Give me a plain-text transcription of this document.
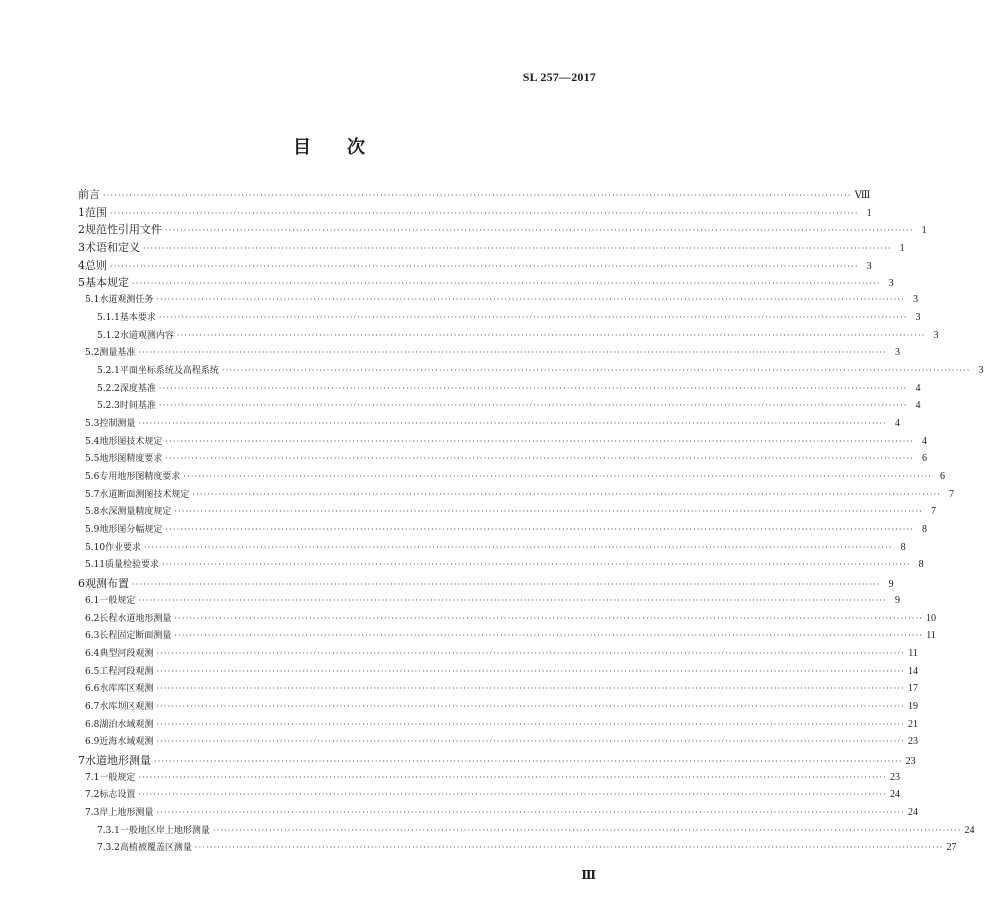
SL 257—2017
目 次
前言 ········································································································································································································ Ⅷ
1 范围 ········································································································································································································ 1
2 规范性引用文件 ········································································································································································································ 1
3 术语和定义 ········································································································································································································ 1
4 总则 ········································································································································································································ 3
5 基本规定 ········································································································································································································ 3
5.1 水道观测任务 ········································································································································································································ 3
5.1.1 基本要求 ········································································································································································································ 3
5.1.2 水道观测内容 ········································································································································································································ 3
5.2 测量基准 ········································································································································································································ 3
5.2.1 平面坐标系统及高程系统 ········································································································································································································ 3
5.2.2 深度基准 ········································································································································································································ 4
5.2.3 时间基准 ········································································································································································································ 4
5.3 控制测量 ········································································································································································································ 4
5.4 地形图技术规定 ········································································································································································································ 4
5.5 地形图精度要求 ········································································································································································································ 6
5.6 专用地形图精度要求 ········································································································································································································ 6
5.7 水道断面测图技术规定 ········································································································································································································ 7
5.8 水深测量精度规定 ········································································································································································································ 7
5.9 地形图分幅规定 ········································································································································································································ 8
5.10 作业要求 ········································································································································································································ 8
5.11 质量检验要求 ········································································································································································································ 8
6 观测布置 ········································································································································································································ 9
6.1 一般规定 ········································································································································································································ 9
6.2 长程水道地形测量 ········································································································································································································ 10
6.3 长程固定断面测量 ········································································································································································································ 11
6.4 典型河段观测 ········································································································································································································ 11
6.5 工程河段观测 ········································································································································································································ 14
6.6 水库库区观测 ········································································································································································································ 17
6.7 水库坝区观测 ········································································································································································································ 19
6.8 湖泊水域观测 ········································································································································································································ 21
6.9 近海水域观测 ········································································································································································································ 23
7 水道地形测量 ········································································································································································································ 23
7.1 一般规定 ········································································································································································································ 23
7.2 标志设置 ········································································································································································································ 24
7.3 岸上地形测量 ········································································································································································································ 24
7.3.1 一般地区岸上地形测量 ········································································································································································································ 24
7.3.2 高植被覆盖区测量 ········································································································································································································ 27
Ⅲ
